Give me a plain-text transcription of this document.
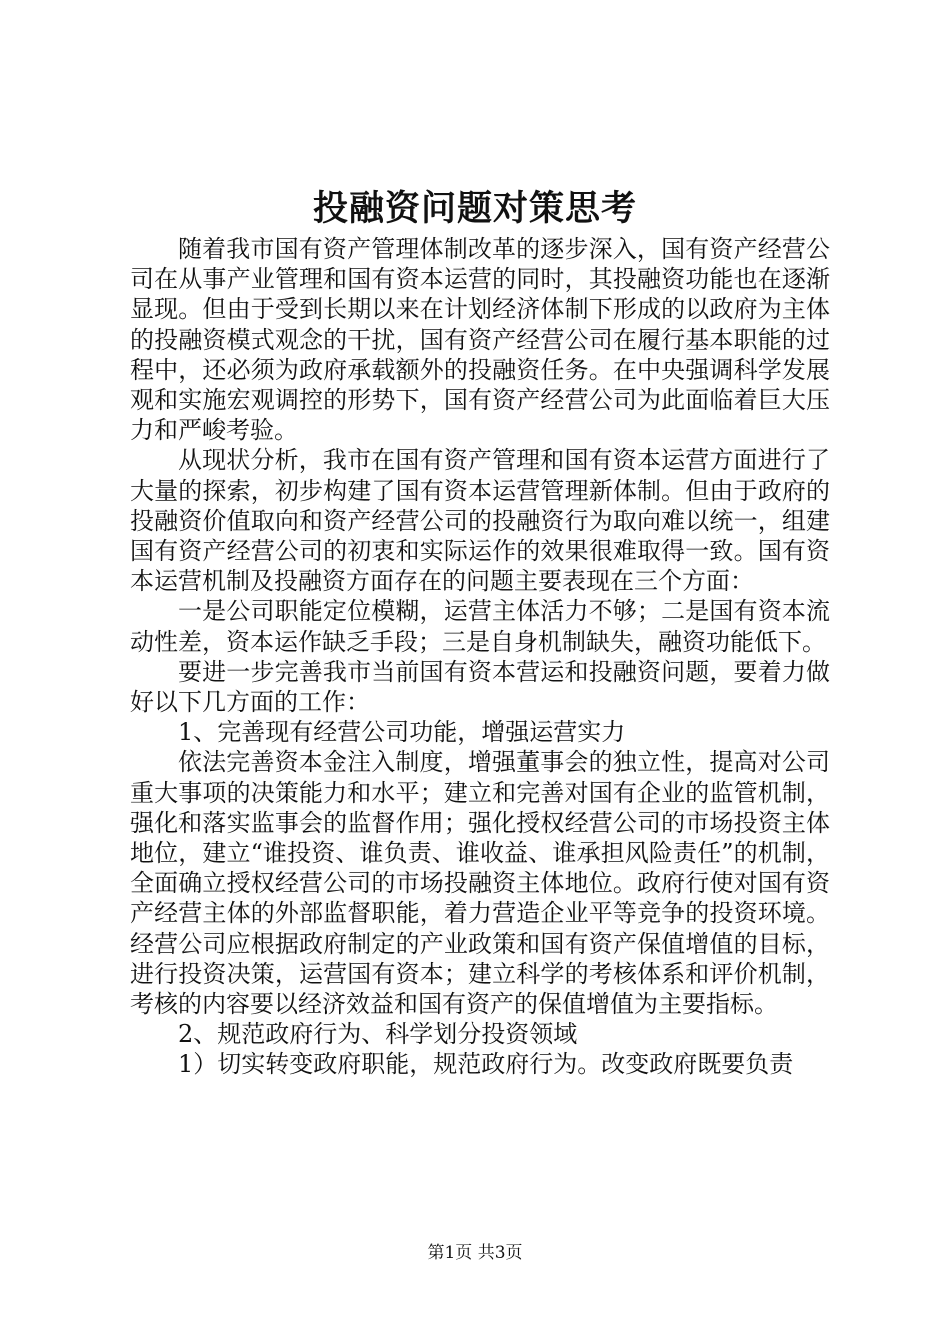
投融资问题对策思考

随着我市国有资产管理体制改革的逐步深入，国有资产经营公司在从事产业管理和国有资本运营的同时，其投融资功能也在逐渐显现。但由于受到长期以来在计划经济体制下形成的以政府为主体的投融资模式观念的干扰，国有资产经营公司在履行基本职能的过程中，还必须为政府承载额外的投融资任务。在中央强调科学发展观和实施宏观调控的形势下，国有资产经营公司为此面临着巨大压力和严峻考验。

从现状分析，我市在国有资产管理和国有资本运营方面进行了大量的探索，初步构建了国有资本运营管理新体制。但由于政府的投融资价值取向和资产经营公司的投融资行为取向难以统一，组建国有资产经营公司的初衷和实际运作的效果很难取得一致。国有资本运营机制及投融资方面存在的问题主要表现在三个方面：

一是公司职能定位模糊，运营主体活力不够；二是国有资本流动性差，资本运作缺乏手段；三是自身机制缺失，融资功能低下。

要进一步完善我市当前国有资本营运和投融资问题，要着力做好以下几方面的工作：

1、完善现有经营公司功能，增强运营实力

依法完善资本金注入制度，增强董事会的独立性，提高对公司重大事项的决策能力和水平；建立和完善对国有企业的监管机制，强化和落实监事会的监督作用；强化授权经营公司的市场投资主体地位，建立“谁投资、谁负责、谁收益、谁承担风险责任”的机制，全面确立授权经营公司的市场投融资主体地位。政府行使对国有资产经营主体的外部监督职能，着力营造企业平等竞争的投资环境。经营公司应根据政府制定的产业政策和国有资产保值增值的目标，进行投资决策，运营国有资本；建立科学的考核体系和评价机制，考核的内容要以经济效益和国有资产的保值增值为主要指标。

2、规范政府行为、科学划分投资领域

1）切实转变政府职能，规范政府行为。改变政府既要负责

第1页 共3页
